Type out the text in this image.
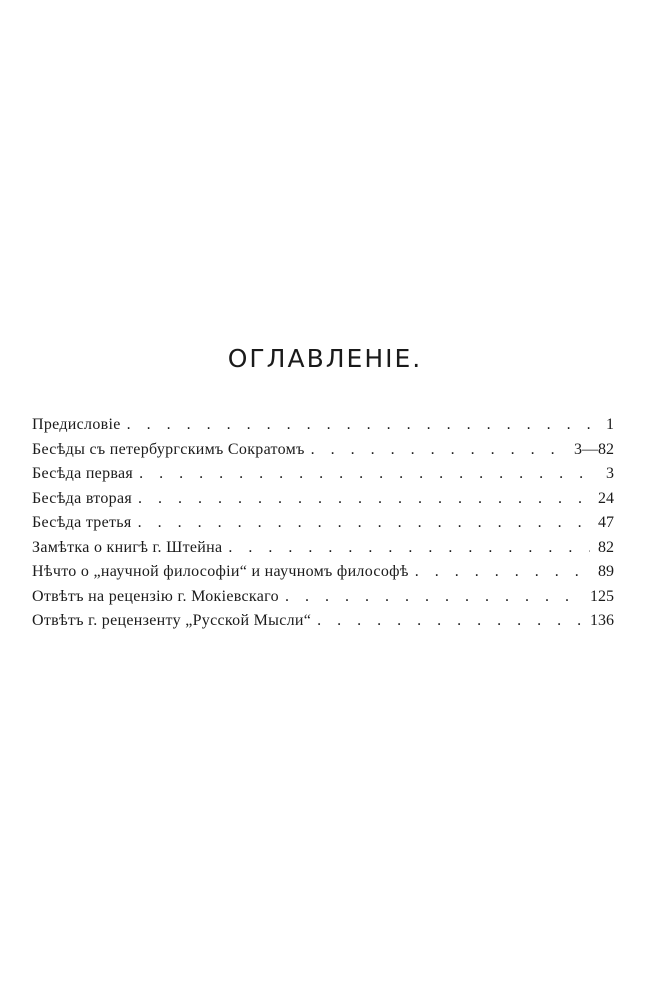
ОГЛАВЛЕНІЕ.
Предисловіе . . .	1
Бесѣды съ петербургскимъ Сократомъ . . .	3—82
Бесѣда первая . . .	3
Бесѣда вторая . . .	24
Бесѣда третья . . .	47
Замѣтка о книгѣ г. Штейна . . .	82
Нѣчто о „научной философіи“ и научномъ философѣ . . .	89
Отвѣтъ на рецензію г. Мокіевскаго . . .	125
Отвѣтъ г. рецензенту „Русской Мысли“ . . .	136
